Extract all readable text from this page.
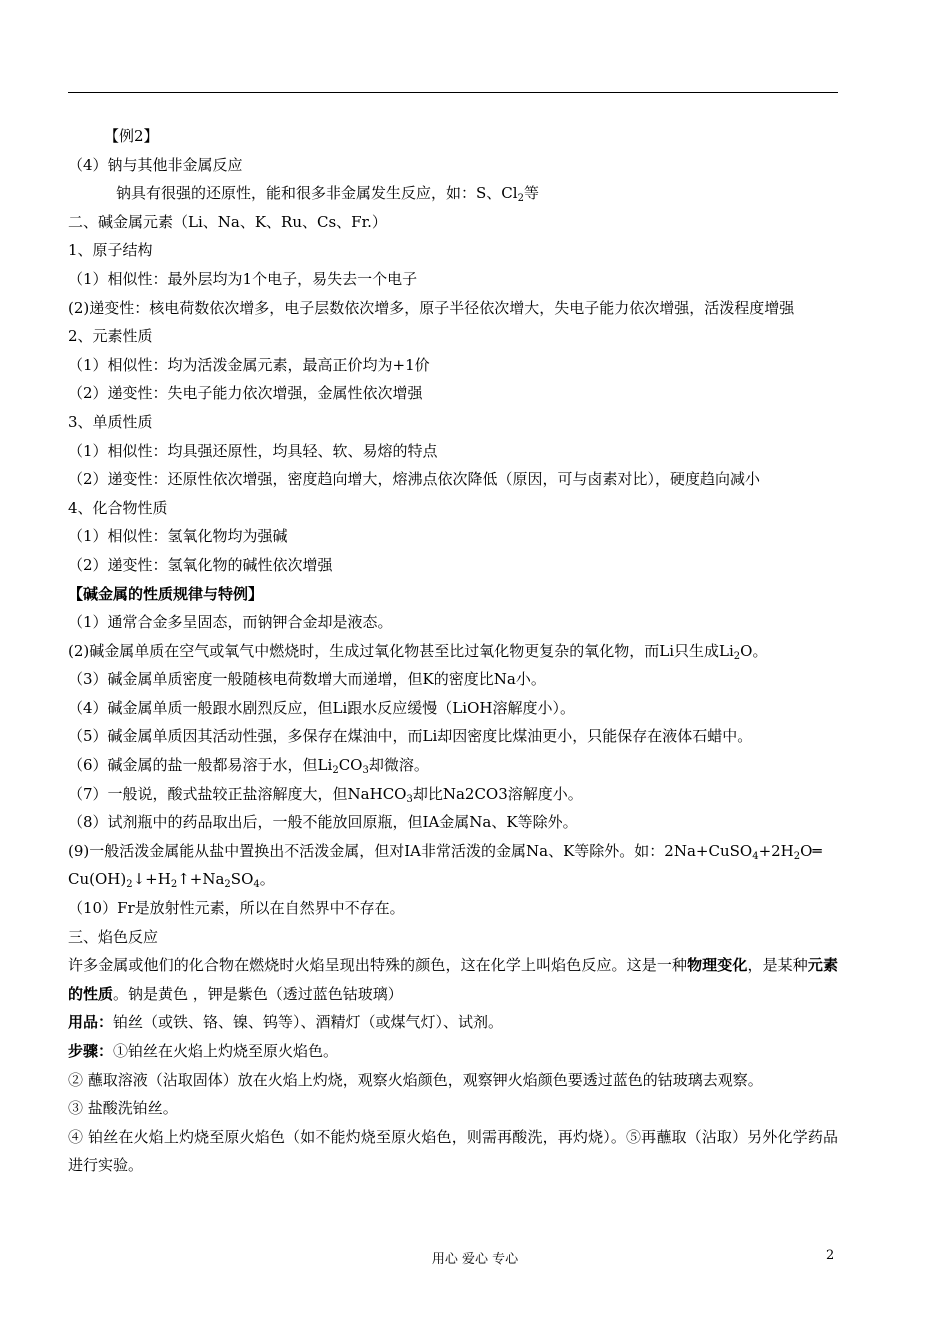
【例2】
（4）钠与其他非金属反应
钠具有很强的还原性，能和很多非金属发生反应，如：S、$Cl_2$等
二、碱金属元素（Li、Na、K、Ru、Cs、Fr.）
1、原子结构
（1）相似性：最外层均为1个电子，易失去一个电子
(2)递变性：核电荷数依次增多，电子层数依次增多，原子半径依次增大，失电子能力依次增强，活泼程度增强
2、元素性质
（1）相似性：均为活泼金属元素，最高正价均为+1价
（2）递变性：失电子能力依次增强，金属性依次增强
3、单质性质
（1）相似性：均具强还原性，均具轻、软、易熔的特点
（2）递变性：还原性依次增强，密度趋向增大，熔沸点依次降低（原因，可与卤素对比），硬度趋向减小
4、化合物性质
（1）相似性：氢氧化物均为强碱
（2）递变性：氢氧化物的碱性依次增强
【碱金属的性质规律与特例】
（1）通常合金多呈固态，而钠钾合金却是液态。
(2)碱金属单质在空气或氧气中燃烧时，生成过氧化物甚至比过氧化物更复杂的氧化物，而Li只生成$Li_2O$。
（3）碱金属单质密度一般随核电荷数增大而递增，但K的密度比Na小。
（4）碱金属单质一般跟水剧烈反应，但Li跟水反应缓慢（LiOH溶解度小）。
（5）碱金属单质因其活动性强，多保存在煤油中，而Li却因密度比煤油更小，只能保存在液体石蜡中。
（6）碱金属的盐一般都易溶于水，但$Li_2CO_3$却微溶。
（7）一般说，酸式盐较正盐溶解度大，但NaHCO$_3$却比Na2CO3溶解度小。
（8）试剂瓶中的药品取出后，一般不能放回原瓶，但IA金属Na、K等除外。
(9)一般活泼金属能从盐中置换出不活泼金属，但对IA非常活泼的金属Na、K等除外。如：$2Na+CuSO_4+2H_2O═$
$Cu(OH)_2↓+H_2↑+Na_2SO_4$。
（10）Fr是放射性元素，所以在自然界中不存在。
三、焰色反应
许多金属或他们的化合物在燃烧时火焰呈现出特殊的颜色，这在化学上叫焰色反应。这是一种物理变化，是某种元素的性质。钠是黄色 ，钾是紫色（透过蓝色钴玻璃）
用品：铂丝（或铁、铬、镍、钨等）、酒精灯（或煤气灯）、试剂。
步骤：①铂丝在火焰上灼烧至原火焰色。
② 蘸取溶液（沾取固体）放在火焰上灼烧，观察火焰颜色，观察钾火焰颜色要透过蓝色的钴玻璃去观察。
③ 盐酸洗铂丝。
④ 铂丝在火焰上灼烧至原火焰色（如不能灼烧至原火焰色，则需再酸洗，再灼烧）。⑤再蘸取（沾取）另外化学药品进行实验。
用心 爱心 专心	2
